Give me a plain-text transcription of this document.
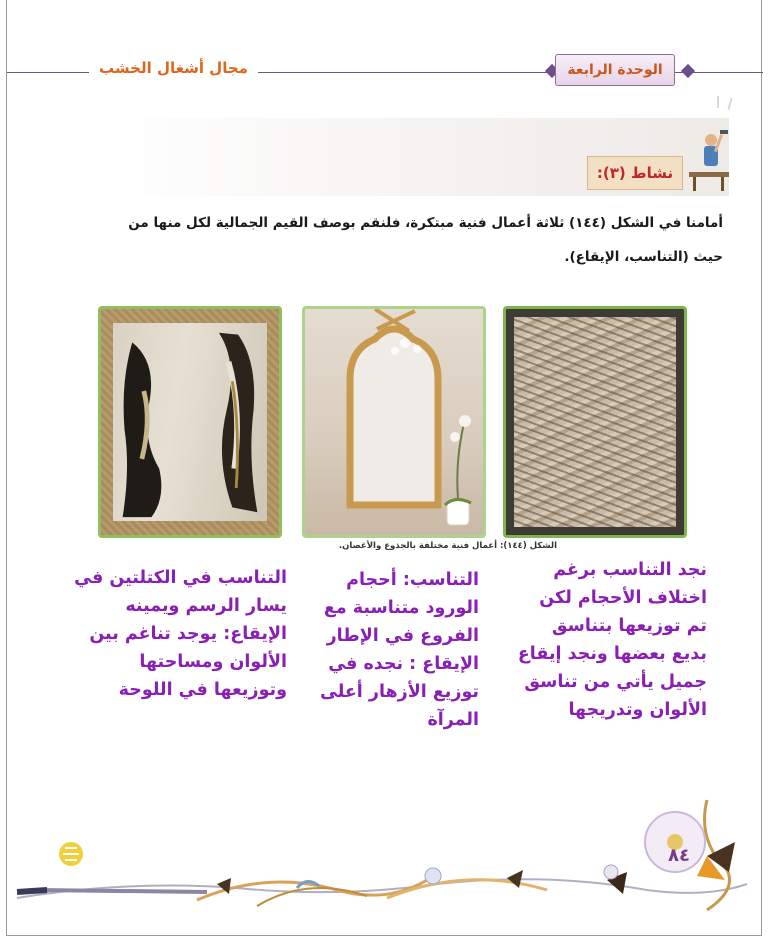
مجال أشغال الخشب	الوحدة الرابعة
نشاط (٣):
أمامنا في الشكل (١٤٤) ثلاثة أعمال فنية مبتكرة، فلنقم بوصف القيم الجمالية لكل منها من حيث (التناسب، الإيقاع).
الشكل (١٤٤): أعمال فنية مختلفة بالجذوع والأغصان.
نجد التناسب برغم اختلاف الأحجام لكن تم توزيعها بتناسق بديع بعضها ونجد إيقاع جميل يأتي من تناسق الألوان وتدريجها
التناسب: أحجام الورود متناسبة مع الفروع في الإطار الإيقاع : نجده في توزيع الأزهار أعلى المرآة
التناسب في الكتلتين في يسار الرسم ويمينه الإيقاع: يوجد تناغم بين الألوان ومساحتها وتوزيعها في اللوحة
٨٤
